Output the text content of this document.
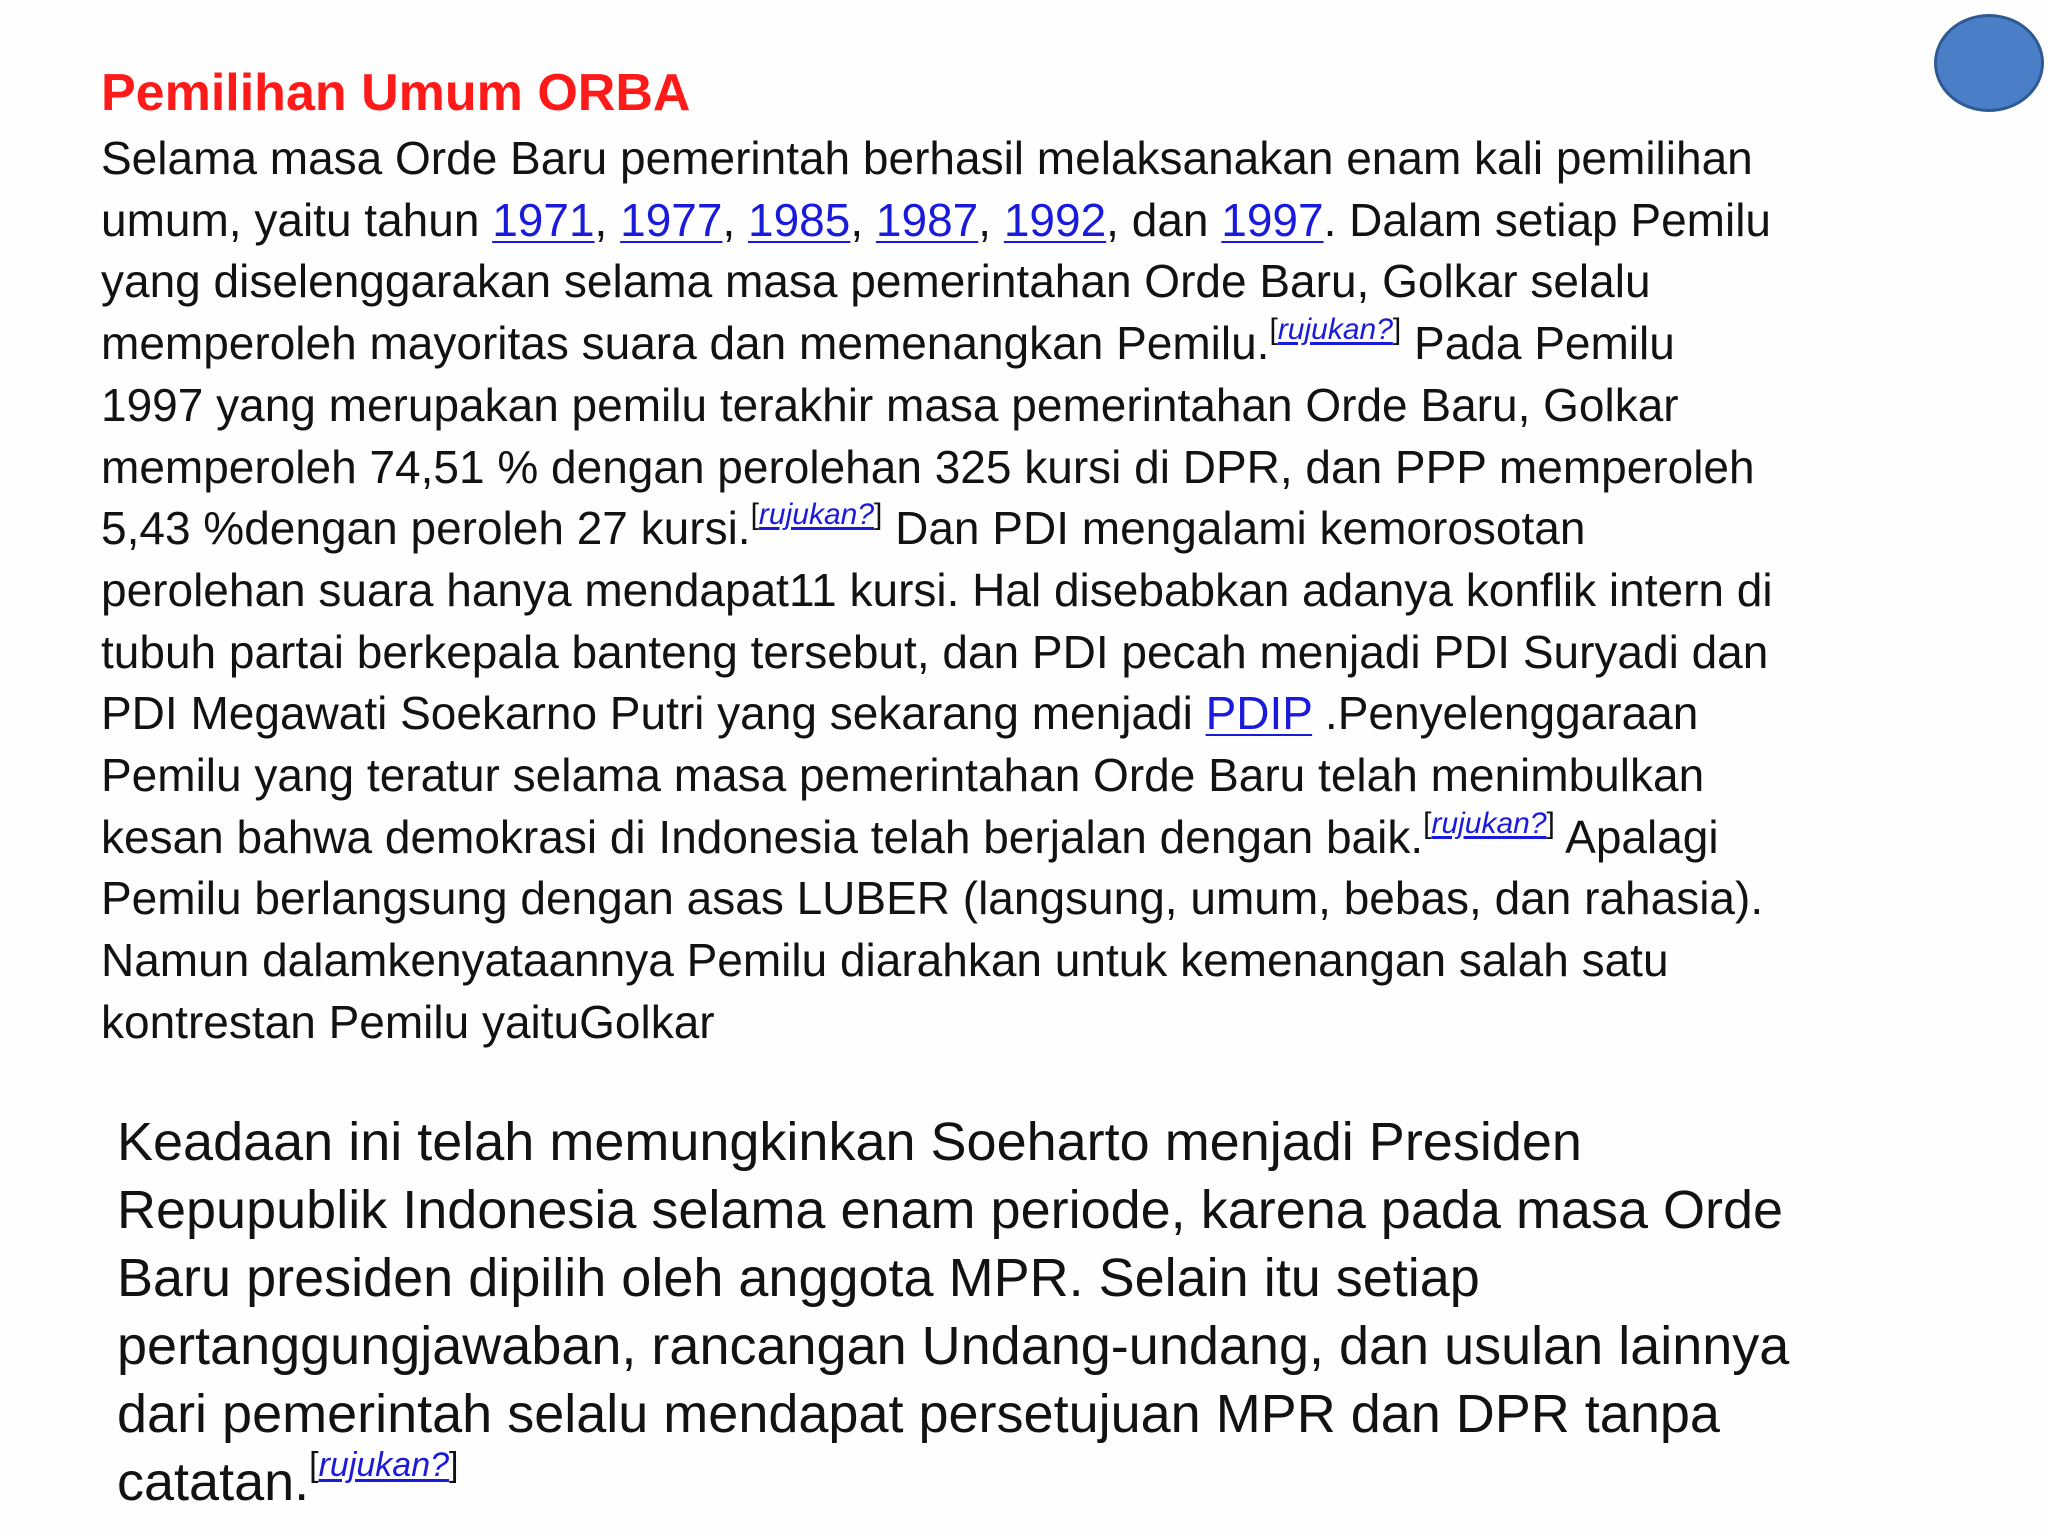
Pemilihan Umum ORBA

Selama masa Orde Baru pemerintah berhasil melaksanakan enam kali pemilihan
umum, yaitu tahun 1971, 1977, 1985, 1987, 1992, dan 1997. Dalam setiap Pemilu
yang diselenggarakan selama masa pemerintahan Orde Baru, Golkar selalu
memperoleh mayoritas suara dan memenangkan Pemilu.[rujukan?] Pada Pemilu
1997 yang merupakan pemilu terakhir masa pemerintahan Orde Baru, Golkar
memperoleh 74,51 % dengan perolehan 325 kursi di DPR, dan PPP memperoleh
5,43 %dengan peroleh 27 kursi.[rujukan?] Dan PDI mengalami kemorosotan
perolehan suara hanya mendapat11 kursi. Hal disebabkan adanya konflik intern di
tubuh partai berkepala banteng tersebut, dan PDI pecah menjadi PDI Suryadi dan
PDI Megawati Soekarno Putri yang sekarang menjadi PDIP .Penyelenggaraan
Pemilu yang teratur selama masa pemerintahan Orde Baru telah menimbulkan
kesan bahwa demokrasi di Indonesia telah berjalan dengan baik.[rujukan?] Apalagi
Pemilu berlangsung dengan asas LUBER (langsung, umum, bebas, dan rahasia).
Namun dalamkenyataannya Pemilu diarahkan untuk kemenangan salah satu
kontrestan Pemilu yaituGolkar

Keadaan ini telah memungkinkan Soeharto menjadi Presiden
Repupublik Indonesia selama enam periode, karena pada masa Orde
Baru presiden dipilih oleh anggota MPR. Selain itu setiap
pertanggungjawaban, rancangan Undang-undang, dan usulan lainnya
dari pemerintah selalu mendapat persetujuan MPR dan DPR tanpa
catatan.[rujukan?]
